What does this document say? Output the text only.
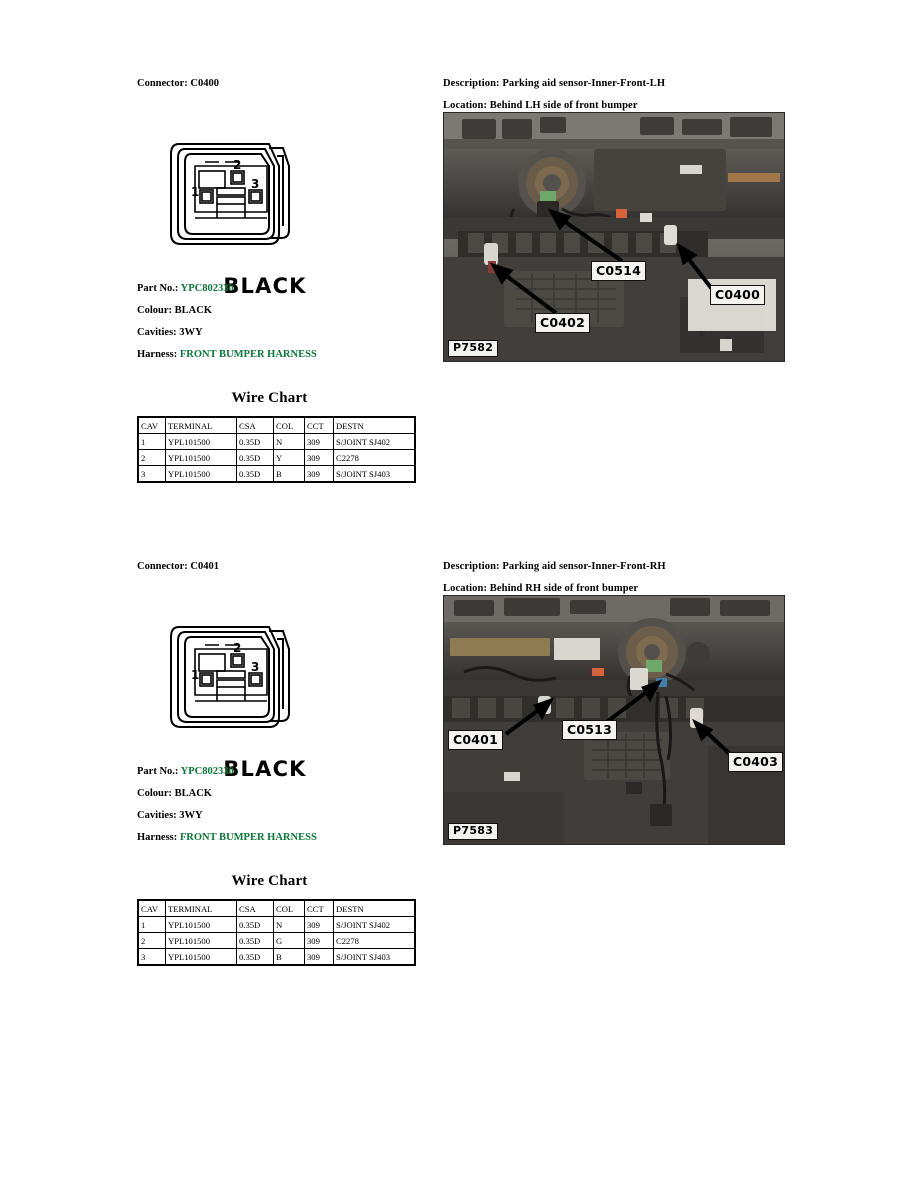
Connector: C0400
1
2
3
BLACK
Part No.: YPC802330
Colour: BLACK
Cavities: 3WY
Harness: FRONT BUMPER HARNESS
Wire Chart
CAV	TERMINAL	CSA	COL	CCT	DESTN
1	YPL101500	0.35D	N	309	S/JOINT SJ402
2	YPL101500	0.35D	Y	309	C2278
3	YPL101500	0.35D	B	309	S/JOINT SJ403
Description: Parking aid sensor-Inner-Front-LH
Location: Behind LH side of front bumper
C0514
C0400
C0402
P7582
Connector: C0401
1
2
3
BLACK
Part No.: YPC802330
Colour: BLACK
Cavities: 3WY
Harness: FRONT BUMPER HARNESS
Wire Chart
CAV	TERMINAL	CSA	COL	CCT	DESTN
1	YPL101500	0.35D	N	309	S/JOINT SJ402
2	YPL101500	0.35D	G	309	C2278
3	YPL101500	0.35D	B	309	S/JOINT SJ403
Description: Parking aid sensor-Inner-Front-RH
Location: Behind RH side of front bumper
C0401
C0513
C0403
P7583
